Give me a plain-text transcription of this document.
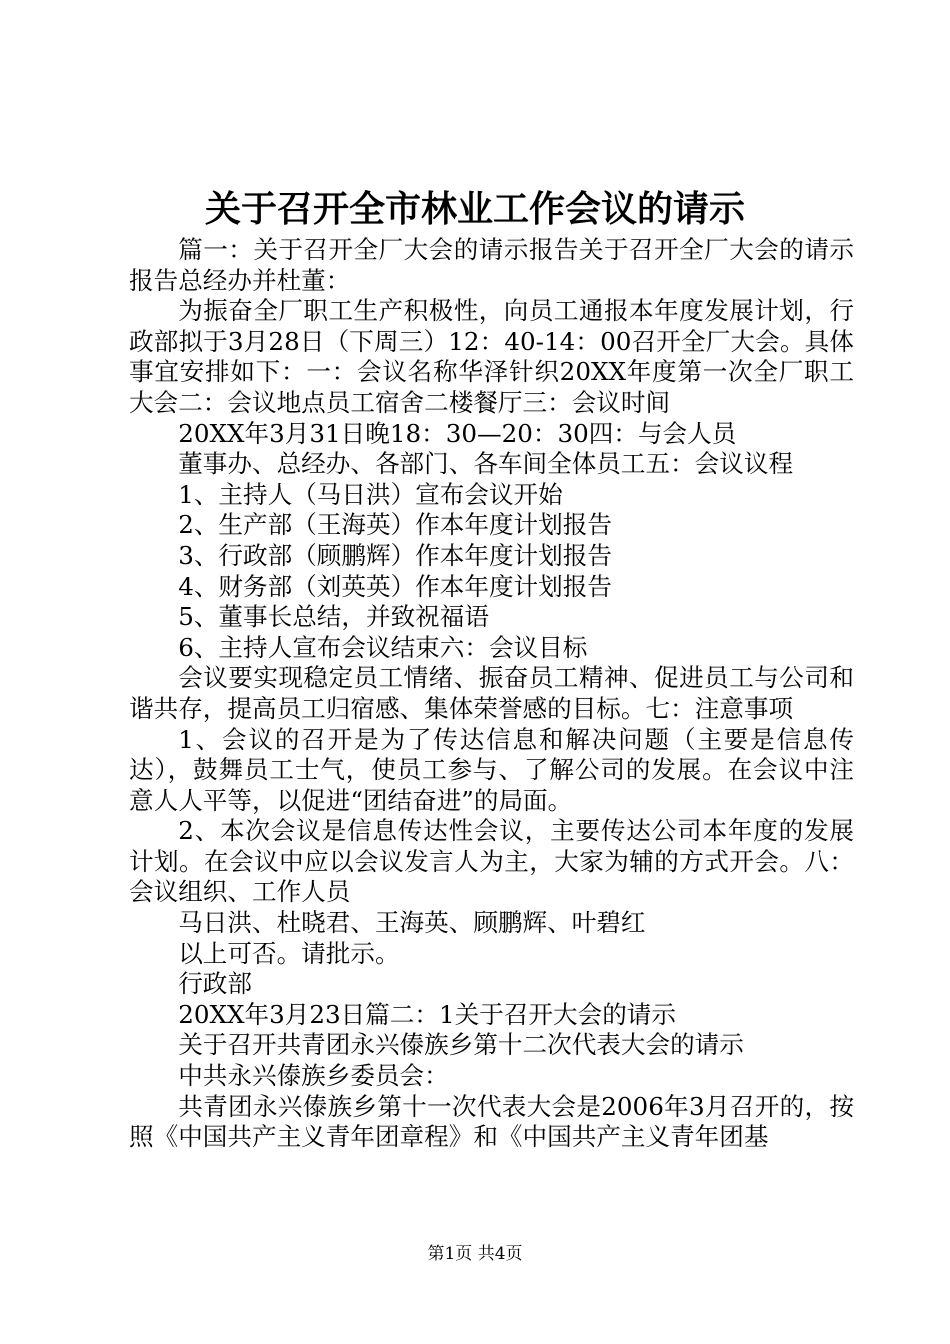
关于召开全市林业工作会议的请示

篇一：关于召开全厂大会的请示报告关于召开全厂大会的请示报告总经办并杜董：

为振奋全厂职工生产积极性，向员工通报本年度发展计划，行政部拟于3月28日（下周三）12：40-14：00召开全厂大会。具体事宜安排如下：一：会议名称华泽针织20XX年度第一次全厂职工大会二：会议地点员工宿舍二楼餐厅三：会议时间

20XX年3月31日晚18：30—20：30四：与会人员

董事办、总经办、各部门、各车间全体员工五：会议议程

1、主持人（马日洪）宣布会议开始

2、生产部（王海英）作本年度计划报告

3、行政部（顾鹏辉）作本年度计划报告

4、财务部（刘英英）作本年度计划报告

5、董事长总结，并致祝福语

6、主持人宣布会议结束六：会议目标

会议要实现稳定员工情绪、振奋员工精神、促进员工与公司和谐共存，提高员工归宿感、集体荣誉感的目标。七：注意事项

1、会议的召开是为了传达信息和解决问题（主要是信息传达），鼓舞员工士气，使员工参与、了解公司的发展。在会议中注意人人平等，以促进“团结奋进”的局面。

2、本次会议是信息传达性会议，主要传达公司本年度的发展计划。在会议中应以会议发言人为主，大家为辅的方式开会。八：会议组织、工作人员

马日洪、杜晓君、王海英、顾鹏辉、叶碧红

以上可否。请批示。

行政部

20XX年3月23日篇二：1关于召开大会的请示

关于召开共青团永兴傣族乡第十二次代表大会的请示

中共永兴傣族乡委员会：

共青团永兴傣族乡第十一次代表大会是2006年3月召开的，按照《中国共产主义青年团章程》和《中国共产主义青年团基

第1页 共4页
